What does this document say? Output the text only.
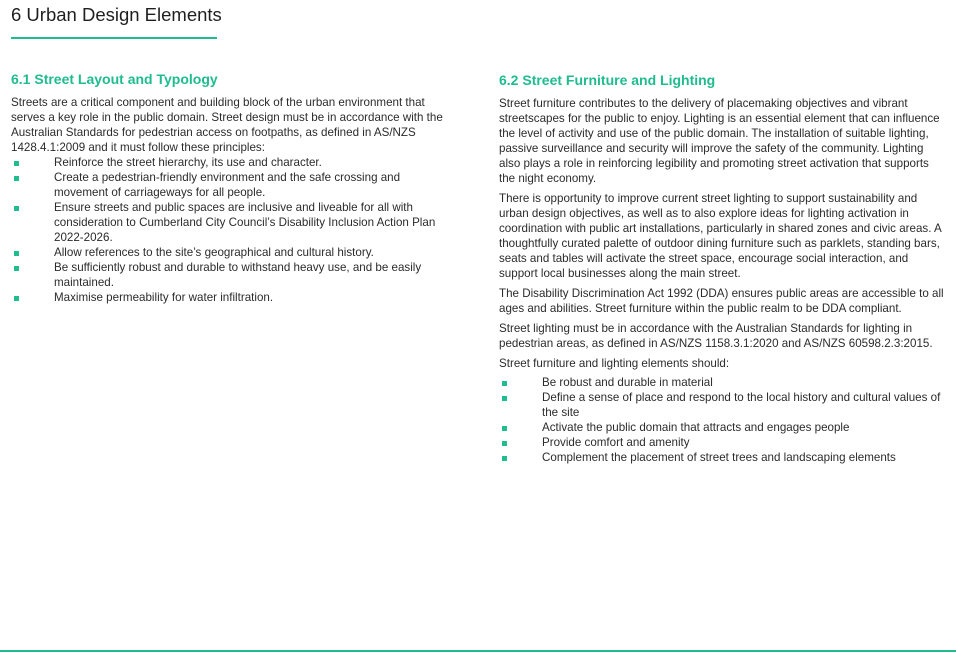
6 Urban Design Elements
6.1 Street Layout and Typology

Streets are a critical component and building block of the urban environment that serves a key role in the public domain. Street design must be in accordance with the Australian Standards for pedestrian access on footpaths, as defined in AS/NZS 1428.4.1:2009 and it must follow these principles:

Reinforce the street hierarchy, its use and character.
Create a pedestrian-friendly environment and the safe crossing and movement of carriageways for all people.
Ensure streets and public spaces are inclusive and liveable for all with consideration to Cumberland City Council’s Disability Inclusion Action Plan 2022-2026.
Allow references to the site’s geographical and cultural history.
Be sufficiently robust and durable to withstand heavy use, and be easily maintained.
Maximise permeability for water infiltration.
6.2 Street Furniture and Lighting

Street furniture contributes to the delivery of placemaking objectives and vibrant streetscapes for the public to enjoy. Lighting is an essential element that can influence the level of activity and use of the public domain. The installation of suitable lighting, passive surveillance and security will improve the safety of the community. Lighting also plays a role in reinforcing legibility and promoting street activation that supports the night economy.

There is opportunity to improve current street lighting to support sustainability and urban design objectives, as well as to also explore ideas for lighting activation in coordination with public art installations, particularly in shared zones and civic areas. A thoughtfully curated palette of outdoor dining furniture such as parklets, standing bars, seats and tables will activate the street space, encourage social interaction, and support local businesses along the main street.

The Disability Discrimination Act 1992 (DDA) ensures public areas are accessible to all ages and abilities. Street furniture within the public realm to be DDA compliant.

Street lighting must be in accordance with the Australian Standards for lighting in pedestrian areas, as defined in AS/NZS 1158.3.1:2020 and AS/NZS 60598.2.3:2015.

Street furniture and lighting elements should:

Be robust and durable in material
Define a sense of place and respond to the local history and cultural values of the site
Activate the public domain that attracts and engages people
Provide comfort and amenity
Complement the placement of street trees and landscaping elements
